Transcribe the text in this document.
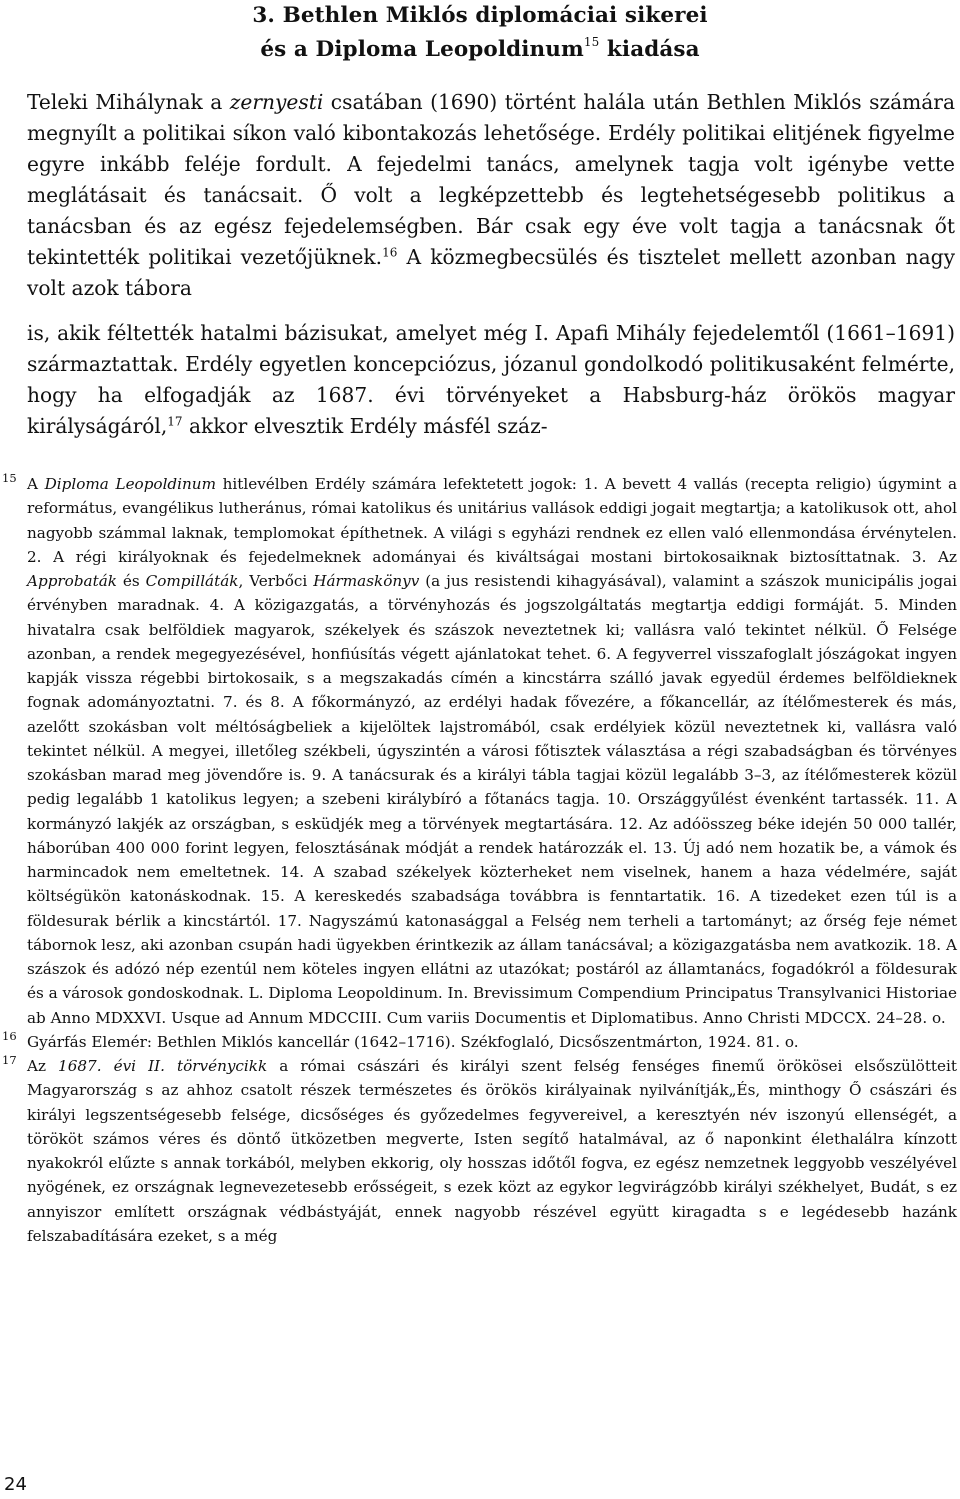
3. Bethlen Miklós diplomáciai sikerei
és a Diploma Leopoldinum$^{15}$ kiadása

Teleki Mihálynak a zernyesti csatában (1690) történt halála után Bethlen Miklós számára megnyílt a politikai síkon való kibontakozás lehetősége. Erdély politikai elitjének figyelme egyre inkább feléje fordult. A fejedelmi tanács, amelynek tagja volt igénybe vette meglátásait és tanácsait. Ő volt a legképzettebb és legtehetségesebb politikus a tanácsban és az egész fejedelemségben. Bár csak egy éve volt tagja a tanácsnak őt tekintették politikai vezetőjüknek.$^{16}$ A közmegbecsülés és tisztelet mellett azonban nagy volt azok tábora

is, akik féltették hatalmi bázisukat, amelyet még I. Apafi Mihály fejedelemtől (1661–1691) származtattak. Erdély egyetlen koncepciózus, józanul gondolkodó politikusaként felmérte, hogy ha elfogadják az 1687. évi törvényeket a Habsburg-ház örökös magyar királyságáról,$^{17}$ akkor elvesztik Erdély másfél száz-

15 A Diploma Leopoldinum hitlevélben Erdély számára lefektetett jogok: 1. A bevett 4 vallás (recepta religio) úgymint a református, evangélikus lutheránus, római katolikus és unitárius vallások eddigi jogait megtartja; a katolikusok ott, ahol nagyobb számmal laknak, templomokat építhetnek. A világi s egyházi rendnek ez ellen való ellenmondása érvénytelen. 2. A régi királyoknak és fejedelmeknek adományai és kiváltságai mostani birtokosaiknak biztosíttatnak. 3. Az Approbaták és Compilláták, Verbőci Hármaskönyv (a jus resistendi kihagyásával), valamint a szászok municipális jogai érvényben maradnak. 4. A közigazgatás, a törvényhozás és jogszolgáltatás megtartja eddigi formáját. 5. Minden hivatalra csak belföldiek magyarok, székelyek és szászok neveztetnek ki; vallásra való tekintet nélkül. Ő Felsége azonban, a rendek megegyezésével, honfiúsítás végett ajánlatokat tehet. 6. A fegyverrel visszafoglalt jószágokat ingyen kapják vissza régebbi birtokosaik, s a megszakadás címén a kincstárra szálló javak egyedül érdemes belföldieknek fognak adományoztatni. 7. és 8. A főkormányzó, az erdélyi hadak fővezére, a főkancellár, az ítélőmesterek és más, azelőtt szokásban volt méltóságbeliek a kijelöltek lajstromából, csak erdélyiek közül neveztetnek ki, vallásra való tekintet nélkül. A megyei, illetőleg székbeli, úgyszintén a városi főtisztek választása a régi szabadságban és törvényes szokásban marad meg jövendőre is. 9. A tanácsurak és a királyi tábla tagjai közül legalább 3–3, az ítélőmesterek közül pedig legalább 1 katolikus legyen; a szebeni királybíró a főtanács tagja. 10. Országgyűlést évenként tartassék. 11. A kormányzó lakjék az országban, s esküdjék meg a törvények megtartására. 12. Az adóösszeg béke idején 50 000 tallér, háborúban 400 000 forint legyen, felosztásának módját a rendek határozzák el. 13. Új adó nem hozatik be, a vámok és harmincadok nem emeltetnek. 14. A szabad székelyek közterheket nem viselnek, hanem a haza védelmére, saját költségükön katonáskodnak. 15. A kereskedés szabadsága továbbra is fenntartatik. 16. A tizedeket ezen túl is a földesurak bérlik a kincstártól. 17. Nagyszámú katonasággal a Felség nem terheli a tartományt; az őrség feje német tábornok lesz, aki azonban csupán hadi ügyekben érintkezik az állam tanácsával; a közigazgatásba nem avatkozik. 18. A szászok és adózó nép ezentúl nem köteles ingyen ellátni az utazókat; postáról az államtanács, fogadókról a földesurak és a városok gondoskodnak. L. Diploma Leopoldinum. In. Brevissimum Compendium Principatus Transylvanici Historiae ab Anno MDXXVI. Usque ad Annum MDCCIII. Cum variis Documentis et Diplomatibus. Anno Christi MDCCX. 24–28. o.

16 Gyárfás Elemér: Bethlen Miklós kancellár (1642–1716). Székfoglaló, Dicsőszentmárton, 1924. 81. o.

17 Az 1687. évi II. törvénycikk a római császári és királyi szent felség fenséges finemű örökösei elsőszülötteit Magyarország s az ahhoz csatolt részek természetes és örökös királyainak nyilvánítják„És, minthogy Ő császári és királyi legszentségesebb felsége, dicsőséges és győzedelmes fegyvereivel, a keresztyén név iszonyú ellenségét, a törököt számos véres és döntő ütközetben megverte, Isten segítő hatalmával, az ő naponkint élethalálra kínzott nyakokról elűzte s annak torkából, melyben ekkorig, oly hosszas időtől fogva, ez egész nemzetnek leggyobb veszélyével nyögének, ez országnak legnevezetesebb erősségeit, s ezek közt az egykor legvirágzóbb királyi székhelyet, Budát, s ez annyiszor említett országnak védbástyáját, ennek nagyobb részével együtt kiragadta s e legédesebb hazánk felszabadítására ezeket, s a még

24
